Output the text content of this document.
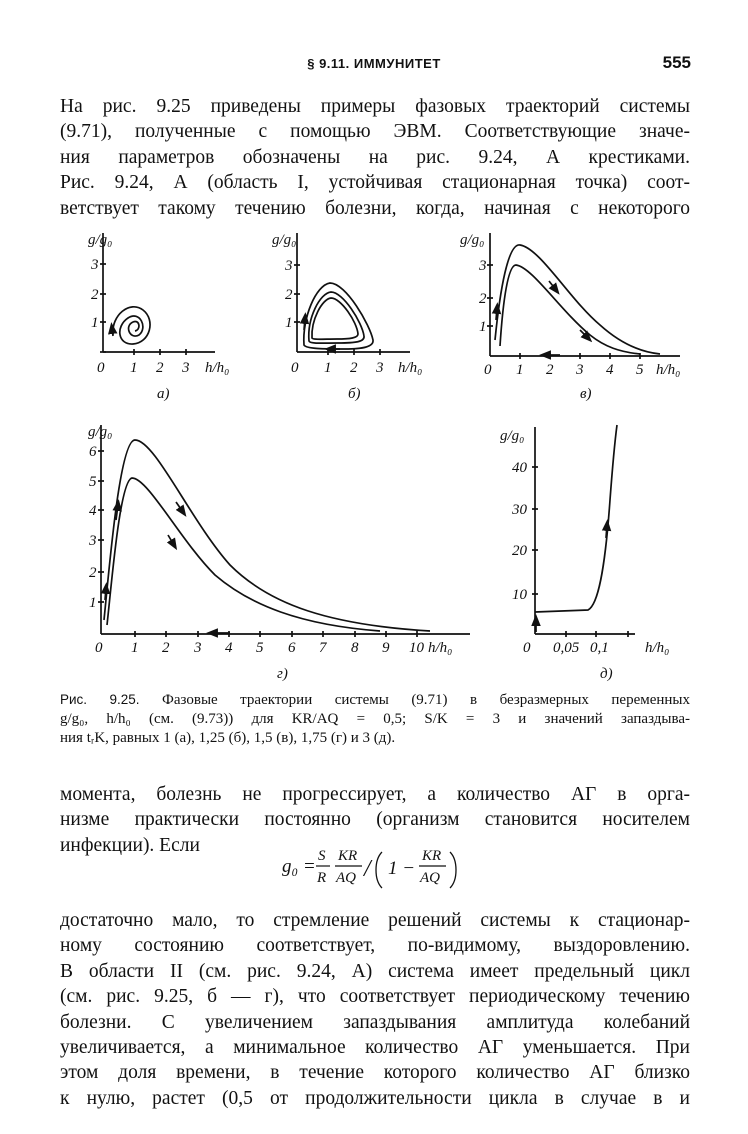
§ 9.11. ИММУНИТЕТ	555
На рис. 9.25 приведены примеры фазовых траекторий системы
(9.71), полученные с помощью ЭВМ. Соответствующие значе-
ния параметров обозначены на рис. 9.24, А крестиками.
Рис. 9.24, А (область I, устойчивая стационарная точка) соот-
ветствует такому течению болезни, когда, начиная с некоторого
g/g₀
h/h₀
а)
0 1 2 3
1
2
3
g/g₀
h/h₀
б)
0 1 2 3
1
2
3
g/g₀
h/h₀
в)
0 1 2 3 4 5
1
2
3
g/g₀
h/h₀
г)
0 1 2 3 4 5 6 7 8 9 10
1
2
3
4
5
6
g/g₀
h/h₀
д)
0 0,05 0,1
10
20
30
40
Рис. 9.25. Фазовые траектории системы (9.71) в безразмерных переменных
g/g₀, h/h₀ (см. (9.73)) для KR/AQ = 0,5; S/K = 3 и значений запаздыва-
ния tᵣK, равных 1 (а), 1,25 (б), 1,5 (в), 1,75 (г) и 3 (д).
момента, болезнь не прогрессирует, а количество АГ в орга-
низме практически постоянно (организм становится носителем
инфекции). Если
g₀ = S
R
KR
AQ / 1 −
KR
AQ
достаточно мало, то стремление решений системы к стационар-
ному состоянию соответствует, по-видимому, выздоровлению.
В области II (см. рис. 9.24, А) система имеет предельный цикл
(см. рис. 9.25, б — г), что соответствует периодическому течению
болезни. С увеличением запаздывания амплитуда колебаний
увеличивается, а минимальное количество АГ уменьшается. При
этом доля времени, в течение которого количество АГ близко
к нулю, растет (0,5 от продолжительности цикла в случае в и
